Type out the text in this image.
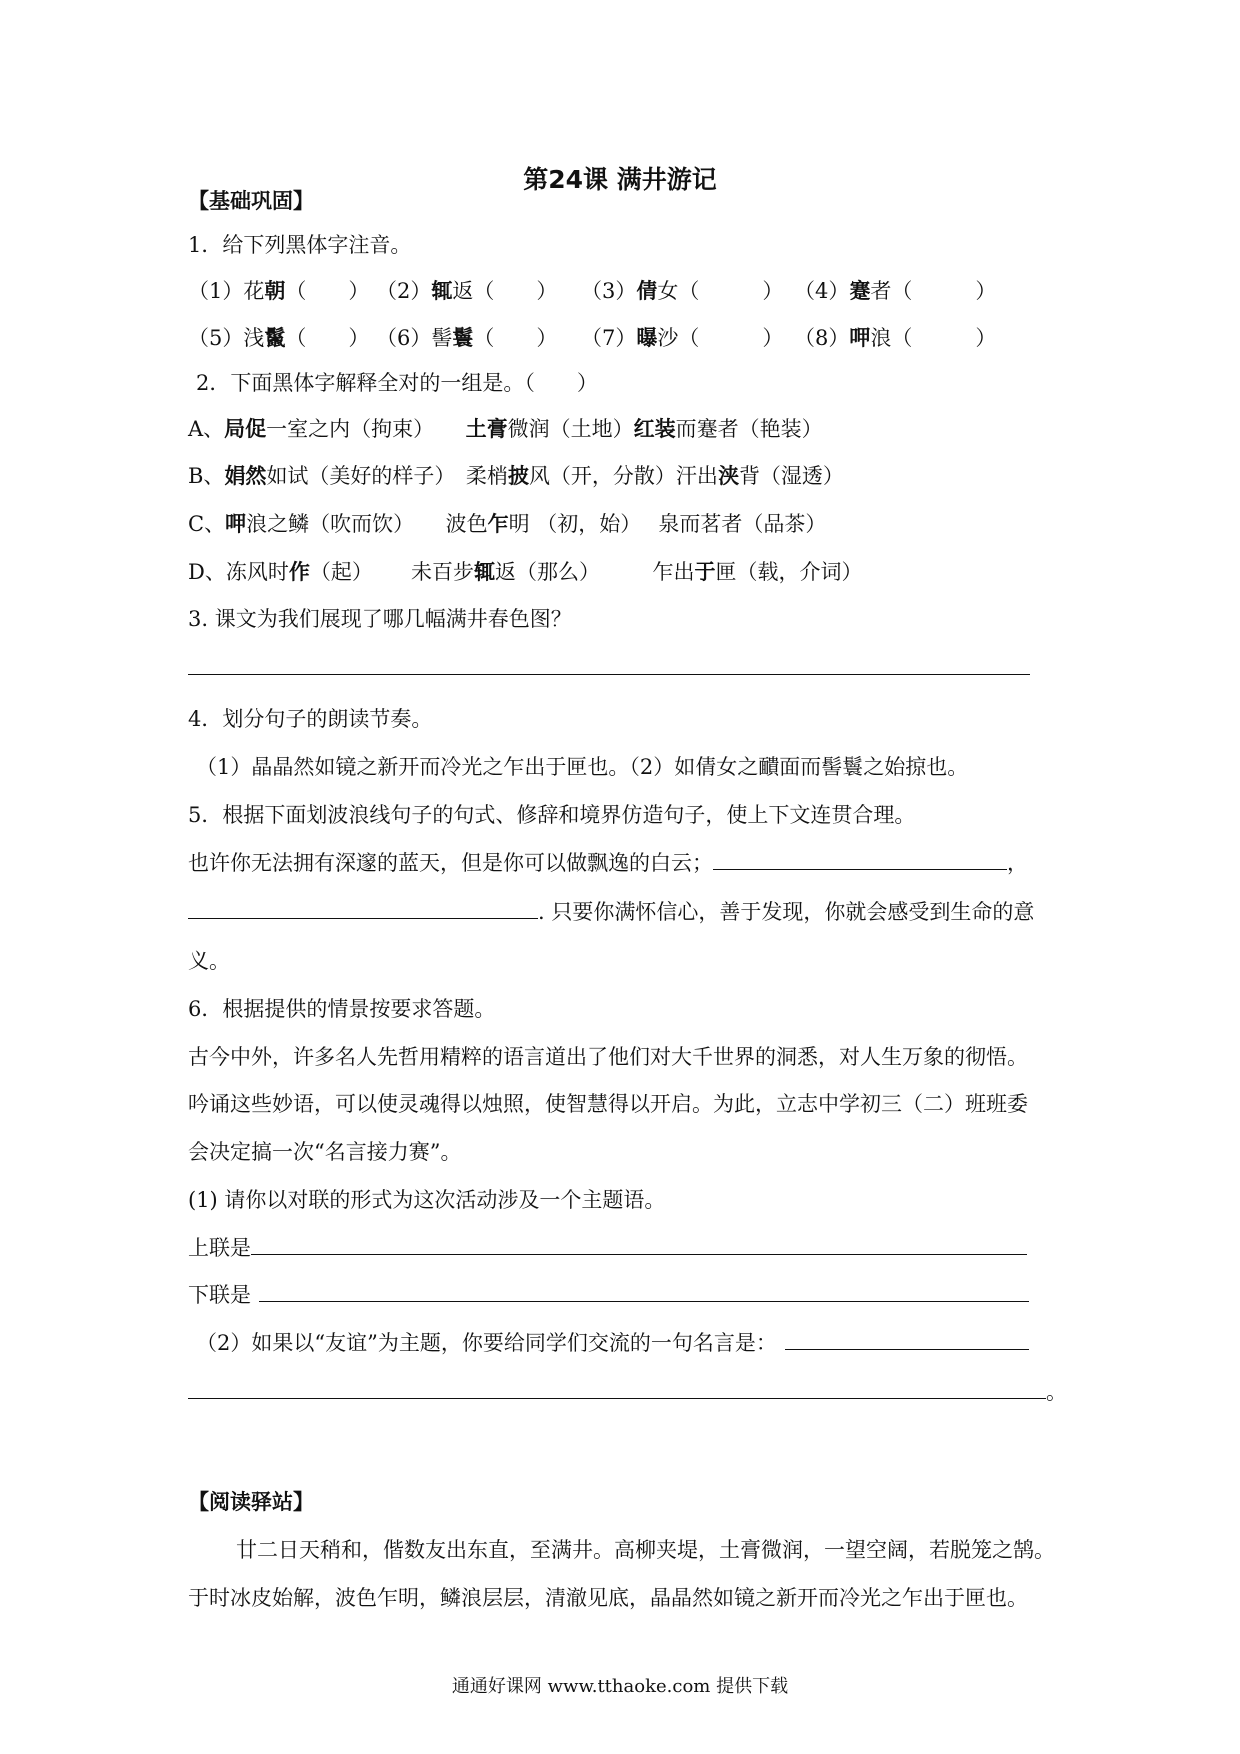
第24课 满井游记
【基础巩固】
1．给下列黑体字注音。
（1）花朝（　　） （2）辄返（　　） （3）倩女（　　　） （4）蹇者（　　　）
（5）浅鬣（　　） （6）髻鬟（　　） （7）曝沙（　　　） （8）呷浪（　　　）
2．下面黑体字解释全对的一组是。（　　）
A、局促一室之内（拘束）　　土膏微润（土地）红装而蹇者（艳装）
B、娟然如试（美好的样子）　柔梢披风（开，分散）汗出浃背（湿透）
C、呷浪之鳞（吹而饮）　　波色乍明 （初，始）　 泉而茗者（品茶）
D、冻风时作（起）　　 未百步辄返（那么）　　　乍出于匣（载，介词）
3. 课文为我们展现了哪几幅满井春色图？
4．划分句子的朗读节奏。
（1）晶晶然如镜之新开而冷光之乍出于匣也。（2）如倩女之靧面而髻鬟之始掠也。
5．根据下面划波浪线句子的句式、修辞和境界仿造句子，使上下文连贯合理。
也许你无法拥有深邃的蓝天，但是你可以做飘逸的白云；	，
. 只要你满怀信心，善于发现，你就会感受到生命的意
义。
6．根据提供的情景按要求答题。
古今中外，许多名人先哲用精粹的语言道出了他们对大千世界的洞悉，对人生万象的彻悟。
吟诵这些妙语，可以使灵魂得以烛照，使智慧得以开启。为此，立志中学初三（二）班班委
会决定搞一次“名言接力赛”。
(1) 请你以对联的形式为这次活动涉及一个主题语。
上联是
下联是
（2）如果以“友谊”为主题，你要给同学们交流的一句名言是：
。
【阅读驿站】
廿二日天稍和，偕数友出东直，至满井。高柳夹堤，土膏微润，一望空阔，若脱笼之鹄。
于时冰皮始解，波色乍明，鳞浪层层，清澈见底，晶晶然如镜之新开而冷光之乍出于匣也。
通通好课网 www.tthaoke.com 提供下载
